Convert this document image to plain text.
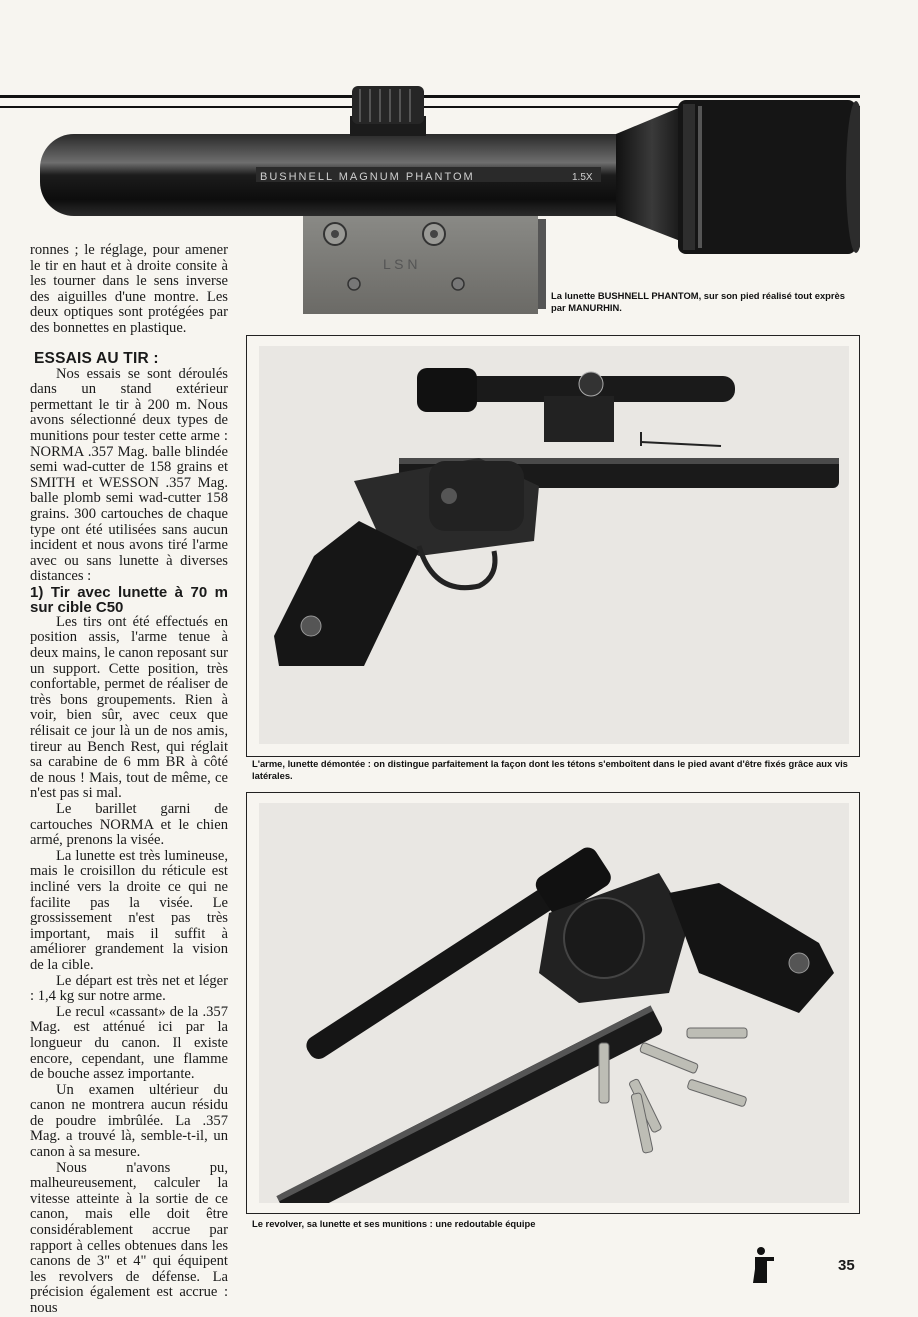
L S N
BUSHNELL MAGNUM PHANTOM	1.5X
La lunette BUSHNELL PHANTOM, sur son pied réalisé tout exprès par MANURHIN.

ronnes ; le réglage, pour amener le tir en haut et à droite consite à les tourner dans le sens inverse des aiguilles d'une montre. Les deux optiques sont protégées par des bonnettes en plastique.

ESSAIS AU TIR :

Nos essais se sont déroulés dans un stand extérieur permettant le tir à 200 m. Nous avons sélectionné deux types de munitions pour tester cette arme : NORMA .357 Mag. balle blindée semi wad-cutter de 158 grains et SMITH et WESSON .357 Mag. balle plomb semi wad-cutter 158 grains. 300 cartouches de chaque type ont été utilisées sans aucun incident et nous avons tiré l'arme avec ou sans lunette à diverses distances :

1) Tir avec lunette à 70 m sur cible C50

Les tirs ont été effectués en position assis, l'arme tenue à deux mains, le canon reposant sur un support. Cette position, très confortable, permet de réaliser de très bons groupements. Rien à voir, bien sûr, avec ceux que rélisait ce jour là un de nos amis, tireur au Bench Rest, qui réglait sa carabine de 6 mm BR à côté de nous ! Mais, tout de même, ce n'est pas si mal.

Le barillet garni de cartouches NORMA et le chien armé, prenons la visée.

La lunette est très lumineuse, mais le croisillon du réticule est incliné vers la droite ce qui ne facilite pas la visée. Le grossissement n'est pas très important, mais il suffit à améliorer grandement la vision de la cible.

Le départ est très net et léger : 1,4 kg sur notre arme.

Le recul «cassant» de la .357 Mag. est atténué ici par la longueur du canon. Il existe encore, cependant, une flamme de bouche assez importante.

Un examen ultérieur du canon ne montrera aucun résidu de poudre imbrûlée. La .357 Mag. a trouvé là, semble-t-il, un canon à sa mesure.

Nous n'avons pu, malheureusement, calculer la vitesse atteinte à la sortie de ce canon, mais elle doit être considérablement accrue par rapport à celles obtenues dans les canons de 3" et 4" qui équipent les revolvers de défense. La précision également est accrue : nous

L'arme, lunette démontée : on distingue parfaitement la façon dont les tétons s'emboîtent dans le pied avant d'être fixés grâce aux vis latérales.
Le revolver, sa lunette et ses munitions : une redoutable équipe
35
